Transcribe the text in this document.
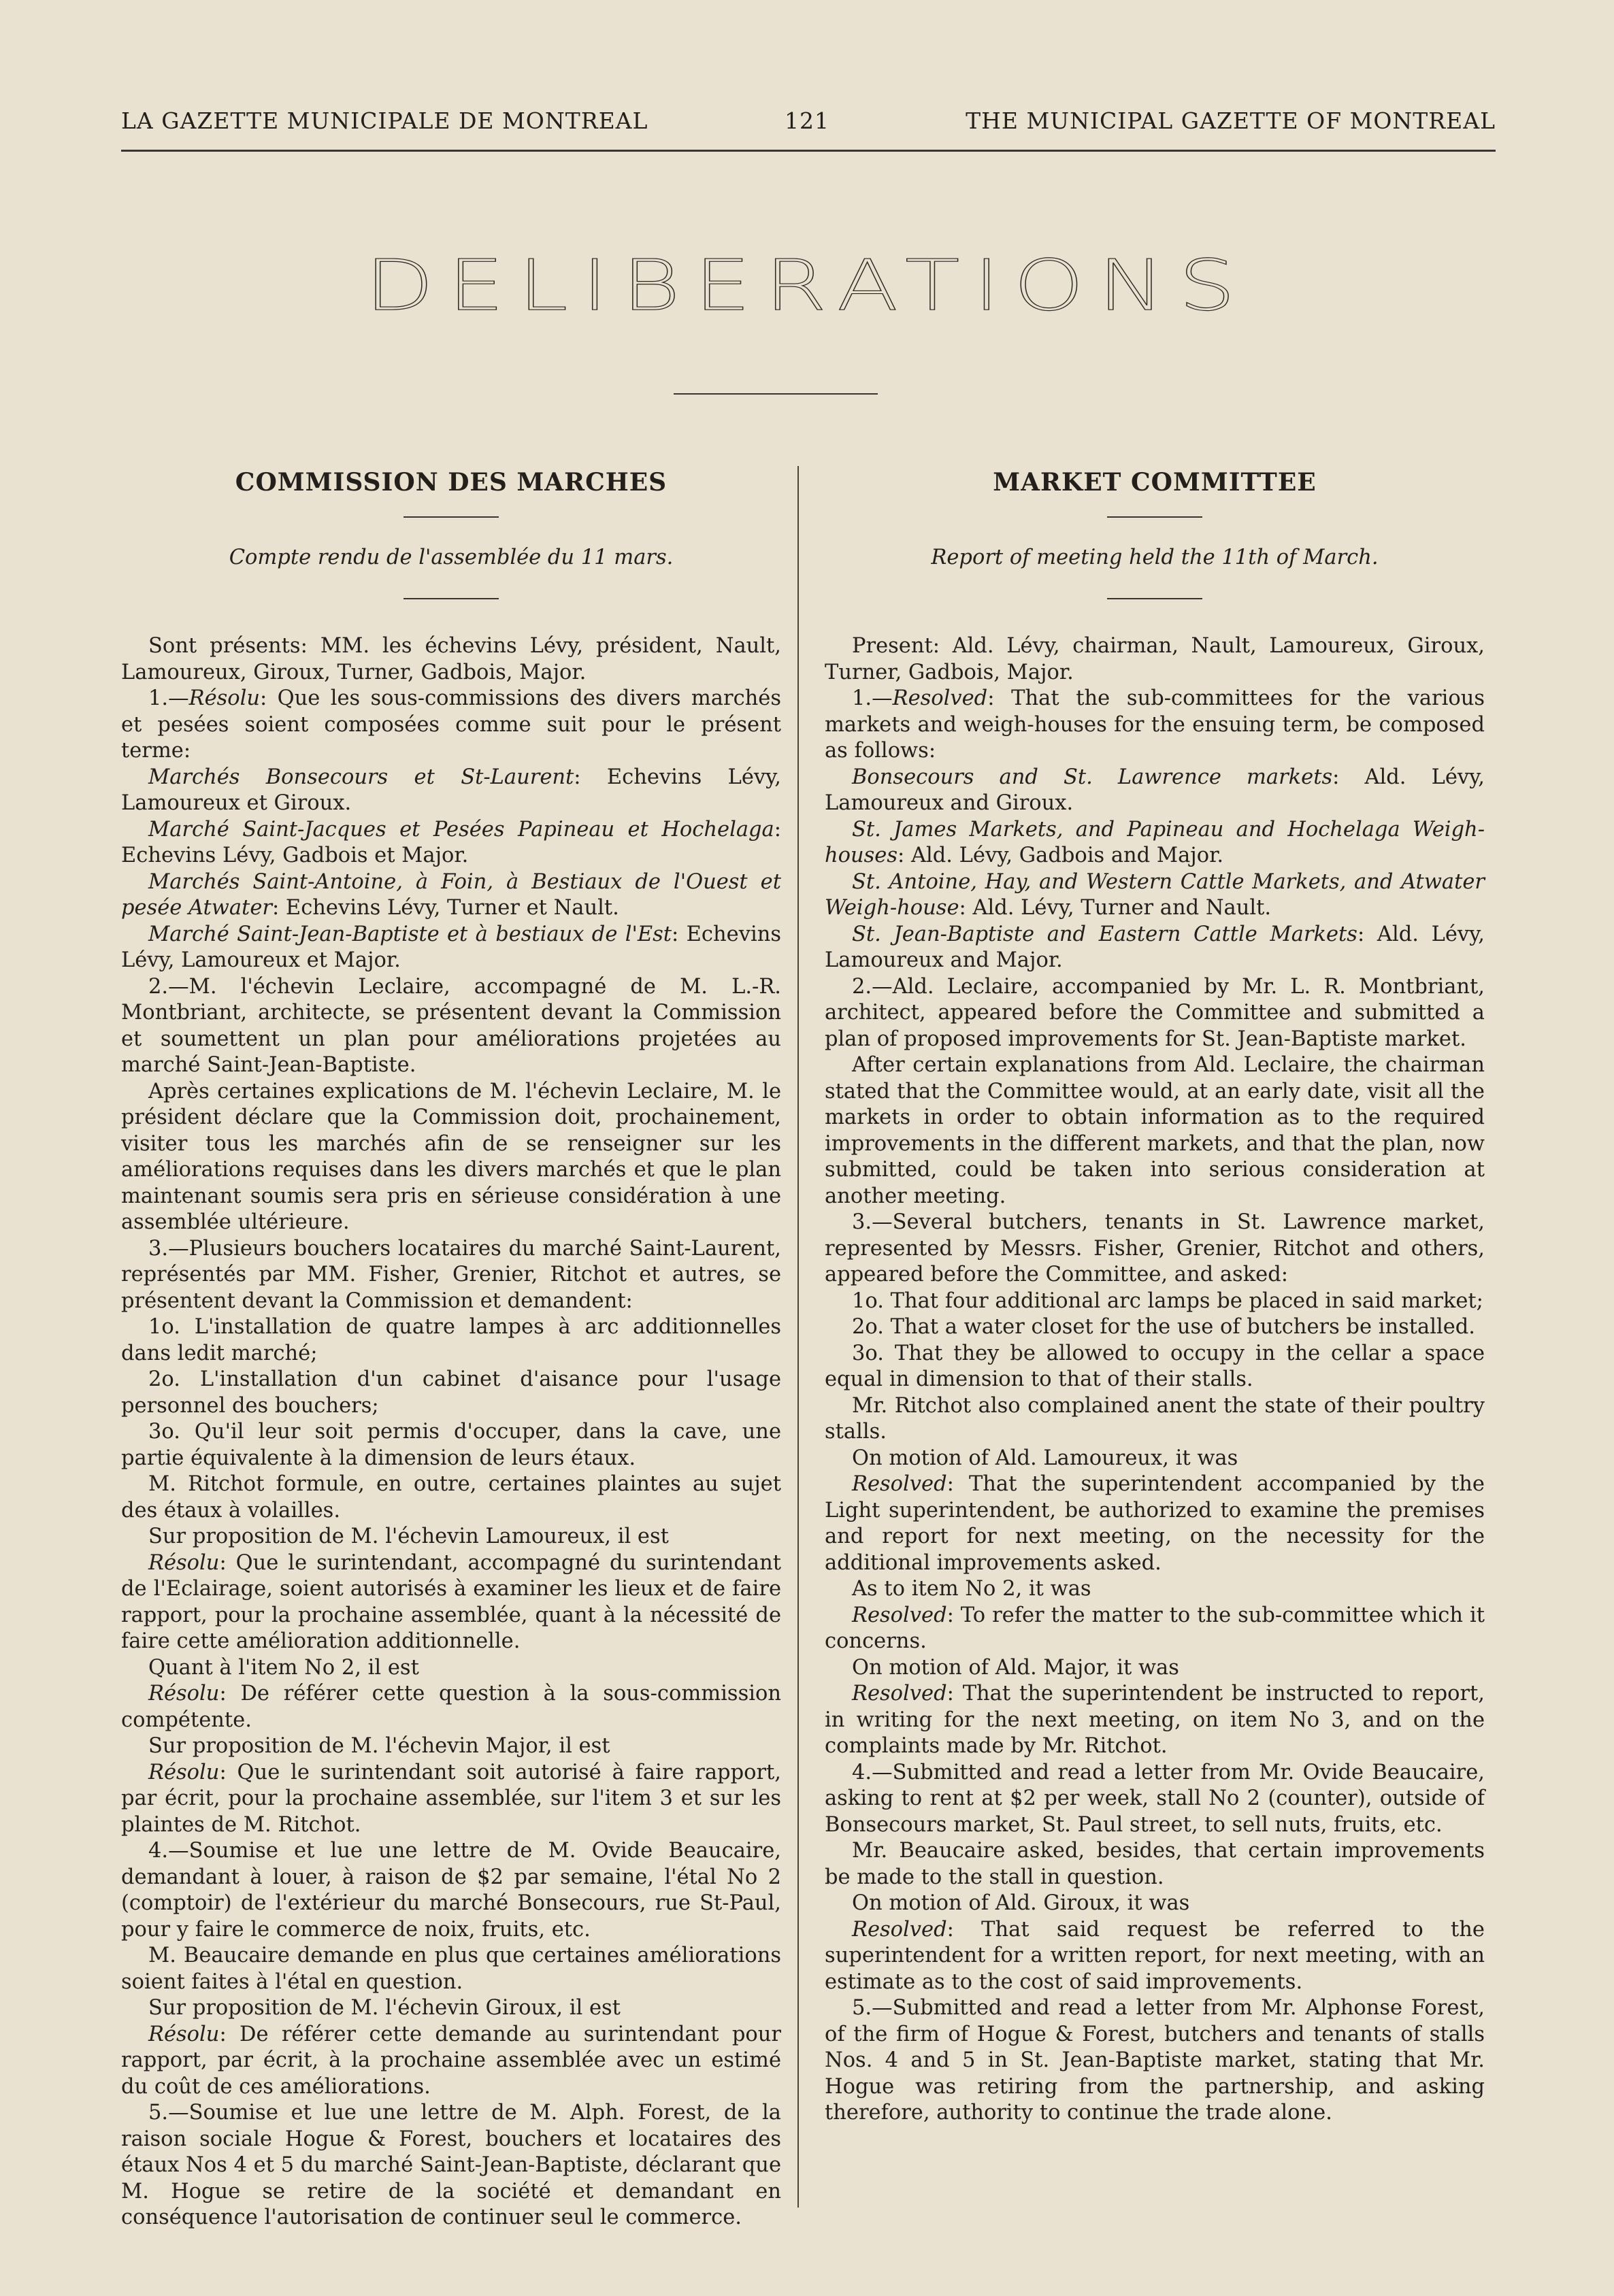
LA GAZETTE MUNICIPALE DE MONTREAL	121	THE MUNICIPAL GAZETTE OF MONTREAL
DELIBERATIONS
COMMISSION DES MARCHES
Compte rendu de l'assemblée du 11 mars.

Sont présents: MM. les échevins Lévy, président, Nault, Lamoureux, Giroux, Turner, Gadbois, Major.

1.—Résolu: Que les sous-commissions des divers marchés et pesées soient composées comme suit pour le présent terme:

Marchés Bonsecours et St-Laurent: Echevins Lévy, Lamoureux et Giroux.

Marché Saint-Jacques et Pesées Papineau et Hochelaga: Echevins Lévy, Gadbois et Major.

Marchés Saint-Antoine, à Foin, à Bestiaux de l'Ouest et pesée Atwater: Echevins Lévy, Turner et Nault.

Marché Saint-Jean-Baptiste et à bestiaux de l'Est: Echevins Lévy, Lamoureux et Major.

2.—M. l'échevin Leclaire, accompagné de M. L.-R. Montbriant, architecte, se présentent devant la Commission et soumettent un plan pour améliorations projetées au marché Saint-Jean-Baptiste.

Après certaines explications de M. l'échevin Leclaire, M. le président déclare que la Commission doit, prochainement, visiter tous les marchés afin de se renseigner sur les améliorations requises dans les divers marchés et que le plan maintenant soumis sera pris en sérieuse considération à une assemblée ultérieure.

3.—Plusieurs bouchers locataires du marché Saint-Laurent, représentés par MM. Fisher, Grenier, Ritchot et autres, se présentent devant la Commission et demandent:

1o. L'installation de quatre lampes à arc additionnelles dans ledit marché;

2o. L'installation d'un cabinet d'aisance pour l'usage personnel des bouchers;

3o. Qu'il leur soit permis d'occuper, dans la cave, une partie équivalente à la dimension de leurs étaux.

M. Ritchot formule, en outre, certaines plaintes au sujet des étaux à volailles.

Sur proposition de M. l'échevin Lamoureux, il est

Résolu: Que le surintendant, accompagné du surintendant de l'Eclairage, soient autorisés à examiner les lieux et de faire rapport, pour la prochaine assemblée, quant à la nécessité de faire cette amélioration additionnelle.

Quant à l'item No 2, il est

Résolu: De référer cette question à la sous-commission compétente.

Sur proposition de M. l'échevin Major, il est

Résolu: Que le surintendant soit autorisé à faire rapport, par écrit, pour la prochaine assemblée, sur l'item 3 et sur les plaintes de M. Ritchot.

4.—Soumise et lue une lettre de M. Ovide Beaucaire, demandant à louer, à raison de $2 par semaine, l'étal No 2 (comptoir) de l'extérieur du marché Bonsecours, rue St-Paul, pour y faire le commerce de noix, fruits, etc.

M. Beaucaire demande en plus que certaines améliorations soient faites à l'étal en question.

Sur proposition de M. l'échevin Giroux, il est

Résolu: De référer cette demande au surintendant pour rapport, par écrit, à la prochaine assemblée avec un estimé du coût de ces améliorations.

5.—Soumise et lue une lettre de M. Alph. Forest, de la raison sociale Hogue & Forest, bouchers et locataires des étaux Nos 4 et 5 du marché Saint-Jean-Baptiste, déclarant que M. Hogue se retire de la société et demandant en conséquence l'autorisation de continuer seul le commerce.

MARKET COMMITTEE
Report of meeting held the 11th of March.

Present: Ald. Lévy, chairman, Nault, Lamoureux, Giroux, Turner, Gadbois, Major.

1.—Resolved: That the sub-committees for the various markets and weigh-houses for the ensuing term, be composed as follows:

Bonsecours and St. Lawrence markets: Ald. Lévy, Lamoureux and Giroux.

St. James Markets, and Papineau and Hochelaga Weigh-houses: Ald. Lévy, Gadbois and Major.

St. Antoine, Hay, and Western Cattle Markets, and Atwater Weigh-house: Ald. Lévy, Turner and Nault.

St. Jean-Baptiste and Eastern Cattle Markets: Ald. Lévy, Lamoureux and Major.

2.—Ald. Leclaire, accompanied by Mr. L. R. Montbriant, architect, appeared before the Committee and submitted a plan of proposed improvements for St. Jean-Baptiste market.

After certain explanations from Ald. Leclaire, the chairman stated that the Committee would, at an early date, visit all the markets in order to obtain information as to the required improvements in the different markets, and that the plan, now submitted, could be taken into serious consideration at another meeting.

3.—Several butchers, tenants in St. Lawrence market, represented by Messrs. Fisher, Grenier, Ritchot and others, appeared before the Committee, and asked:

1o. That four additional arc lamps be placed in said market;

2o. That a water closet for the use of butchers be installed.

3o. That they be allowed to occupy in the cellar a space equal in dimension to that of their stalls.

Mr. Ritchot also complained anent the state of their poultry stalls.

On motion of Ald. Lamoureux, it was

Resolved: That the superintendent accompanied by the Light superintendent, be authorized to examine the premises and report for next meeting, on the necessity for the additional improvements asked.

As to item No 2, it was

Resolved: To refer the matter to the sub-committee which it concerns.

On motion of Ald. Major, it was

Resolved: That the superintendent be instructed to report, in writing for the next meeting, on item No 3, and on the complaints made by Mr. Ritchot.

4.—Submitted and read a letter from Mr. Ovide Beaucaire, asking to rent at $2 per week, stall No 2 (counter), outside of Bonsecours market, St. Paul street, to sell nuts, fruits, etc.

Mr. Beaucaire asked, besides, that certain improvements be made to the stall in question.

On motion of Ald. Giroux, it was

Resolved: That said request be referred to the superintendent for a written report, for next meeting, with an estimate as to the cost of said improvements.

5.—Submitted and read a letter from Mr. Alphonse Forest, of the firm of Hogue & Forest, butchers and tenants of stalls Nos. 4 and 5 in St. Jean-Baptiste market, stating that Mr. Hogue was retiring from the partnership, and asking therefore, authority to continue the trade alone.
